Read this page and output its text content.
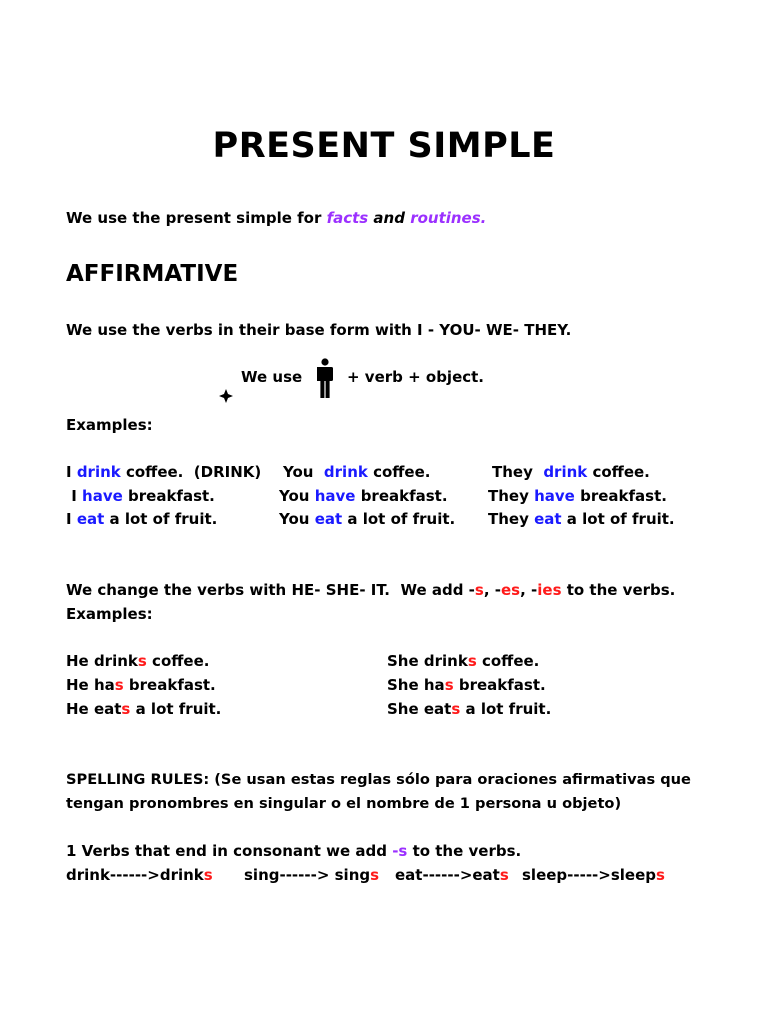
PRESENT SIMPLE
We use the present simple for facts and routines.
AFFIRMATIVE
We use the verbs in their base form with I - YOU- WE- THEY.

We use	+ verb + object.
Examples:
I drink coffee.  (DRINK) You  drink coffee.	They  drink coffee.
I have breakfast.	You have breakfast.	They have breakfast.
I eat a lot of fruit.	You eat a lot of fruit. They eat a lot of fruit.
We change the verbs with HE- SHE- IT.  We add -s, -es, -ies to the verbs.
Examples:
He drinks coffee.	She drinks coffee.
He has breakfast.	She has breakfast.
He eats a lot fruit.	She eats a lot fruit.
SPELLING RULES: (Se usan estas reglas sólo para oraciones afirmativas que
tengan pronombres en singular o el nombre de 1 persona u objeto)
1 Verbs that end in consonant we add -s to the verbs.
drink------>drinks sing------> sings eat------>eats sleep----->sleeps
